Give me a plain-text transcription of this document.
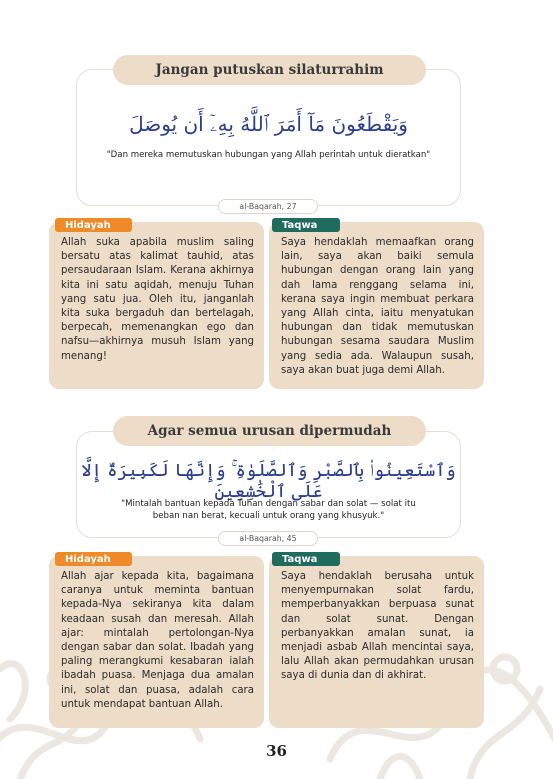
Jangan putuskan silaturrahim
وَيَقْطَعُونَ مَآ أَمَرَ ٱللَّهُ بِهِۦٓ أَن يُوصَلَ
"Dan mereka memutuskan hubungan yang Allah perintah untuk dieratkan"
al-Baqarah, 27
Allah suka apabila muslim saling bersatu atas kalimat tauhid, atas persaudaraan Islam. Kerana akhirnya kita ini satu aqidah, menuju Tuhan yang satu jua. Oleh itu, janganlah kita suka bergaduh dan bertelagah, berpecah, memenangkan ego dan nafsu—akhirnya musuh Islam yang menang!
Hidayah
Saya hendaklah memaafkan orang lain, saya akan baiki semula hubungan dengan orang lain yang dah lama renggang selama ini, kerana saya ingin membuat perkara yang Allah cinta, iaitu menyatukan hubungan dan tidak memutuskan hubungan sesama saudara Muslim yang sedia ada. Walaupun susah, saya akan buat juga demi Allah.
Taqwa
Agar semua urusan dipermudah
وَٱسْتَعِينُوا۟ بِٱلصَّبْرِ وَٱلصَّلَوٰةِ ۚ وَإِنَّهَا لَكَبِيرَةٌ إِلَّا عَلَى ٱلْخَٰشِعِينَ
"Mintalah bantuan kepada Tuhan dengan sabar dan solat — solat itu
beban nan berat, kecuali untuk orang yang khusyuk."
al-Baqarah, 45
Allah ajar kepada kita, bagaimana caranya untuk meminta bantuan kepada-Nya sekiranya kita dalam keadaan susah dan meresah. Allah ajar: mintalah pertolongan-Nya dengan sabar dan solat. Ibadah yang paling merangkumi kesabaran ialah ibadah puasa. Menjaga dua amalan ini, solat dan puasa, adalah cara untuk mendapat bantuan Allah.
Hidayah
Saya hendaklah berusaha untuk menyempurnakan solat fardu, memperbanyakkan berpuasa sunat dan solat sunat. Dengan perbanyakkan amalan sunat, ia menjadi asbab Allah mencintai saya, lalu Allah akan permudahkan urusan saya di dunia dan di akhirat.
Taqwa
36
